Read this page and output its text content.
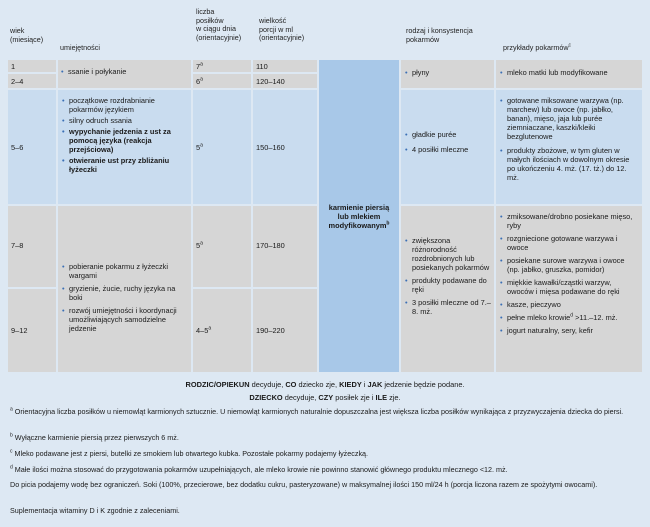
wiek
(miesiące)
umiejętności
liczba
posiłków
w ciągu dnia
(orientacyjnie)
wielkość
porcji w ml
(orientacyjnie)
rodzaj i konsystencja
pokarmów
przykłady pokarmów$^c$
1	7$^a$	110
2–4
• ssanie i połykanie
6$^a$	120–140
• płyny
•	mleko matki lub modyfikowane
karmienie piersią lub mlekiem modyfikowanym$^b$
5–6
• początkowe rozdrabnianie pokarmów językiem
• silny odruch ssania
• wypychanie jedzenia z ust za pomocą języka (reakcja przejściowa)
• otwieranie ust przy zbliżaniu łyżeczki
5$^a$	150–160
• gładkie purée
• 4 posiłki mleczne
• gotowane miksowane warzywa (np. marchew) lub owoce (np. jabłko, banan), mięso, jaja lub purée ziemniaczane, kaszki/kleiki bezglutenowe
• produkty zbożowe, w tym gluten w małych ilościach w dowolnym okresie po ukończeniu 4. mż. (17. tż.) do 12. mż.
7–8
9–12
• pobieranie pokarmu z łyżeczki wargami
• gryzienie, żucie, ruchy języka na boki
• rozwój umiejętności i koordynacji umożliwiających samodzielne jedzenie
5$^a$
4–5$^a$
170–180
190–220
• zwiększona różnorodność rozdrobnionych lub posiekanych pokarmów
• produkty podawane do ręki
• 3 posiłki mleczne od 7.–8. mż.
• zmiksowane/drobno posiekane mięso, ryby
• rozgniecione gotowane warzywa i owoce
• posiekane surowe warzywa i owoce (np. jabłko, gruszka, pomidor)
• miękkie kawałki/cząstki warzyw, owoców i mięsa podawane do ręki
• kasze, pieczywo
• pełne mleko krowie$^d$ >11.–12. mż.
• jogurt naturalny, sery, kefir
RODZIC/OPIEKUN decyduje, CO dziecko zje, KIEDY i JAK jedzenie będzie podane.
DZIECKO decyduje, CZY posiłek zje i ILE zje.
$^a$ Orientacyjna liczba posiłków u niemowląt karmionych sztucznie. U niemowląt karmionych naturalnie dopuszczalna jest większa liczba posiłków wynikająca z przyzwyczajenia dziecka do piersi.
$^b$ Wyłączne karmienie piersią przez pierwszych 6 mż.
$^c$ Mleko podawane jest z piersi, butelki ze smokiem lub otwartego kubka. Pozostałe pokarmy podajemy łyżeczką.
$^d$ Małe ilości można stosować do przygotowania pokarmów uzupełniających, ale mleko krowie nie powinno stanowić głównego produktu mlecznego <12. mż.
Do picia podajemy wodę bez ograniczeń. Soki (100%, przecierowe, bez dodatku cukru, pasteryzowane) w maksymalnej ilości 150 ml/24 h (porcja liczona razem ze spożytymi owocami).
Suplementacja witaminy D i K zgodnie z zaleceniami.
